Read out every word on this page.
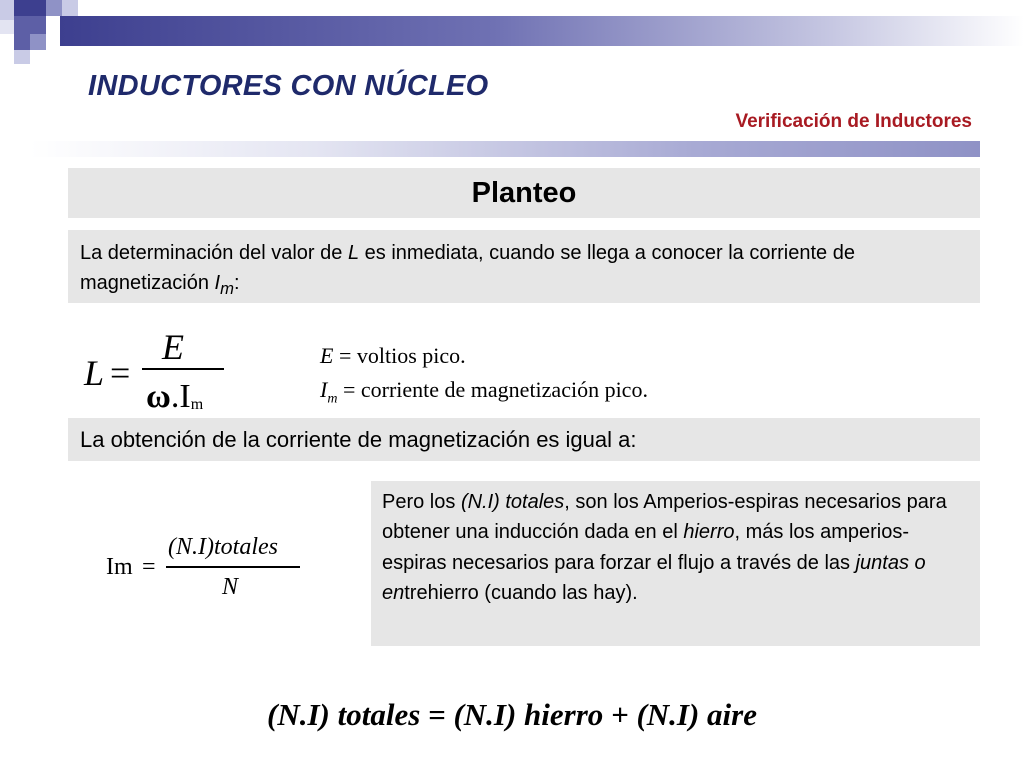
INDUCTORES CON NÚCLEO
Verificación de Inductores
Planteo
La determinación del valor de L es inmediata, cuando se llega a conocer la corriente de magnetización $I_m$:
L =
E
$\omega.I_m$
E = voltios pico.
$I_m$ = corriente de magnetización pico.
La obtención de la corriente de magnetización es igual a:
Im =
(N.I)totales
N
Pero los (N.I) totales, son los Amperios-espiras necesarios para obtener una inducción dada en el hierro, más los amperios-espiras necesarios para forzar el flujo a través de las juntas o entrehierro (cuando las hay).
(N.I) totales = (N.I) hierro + (N.I) aire
